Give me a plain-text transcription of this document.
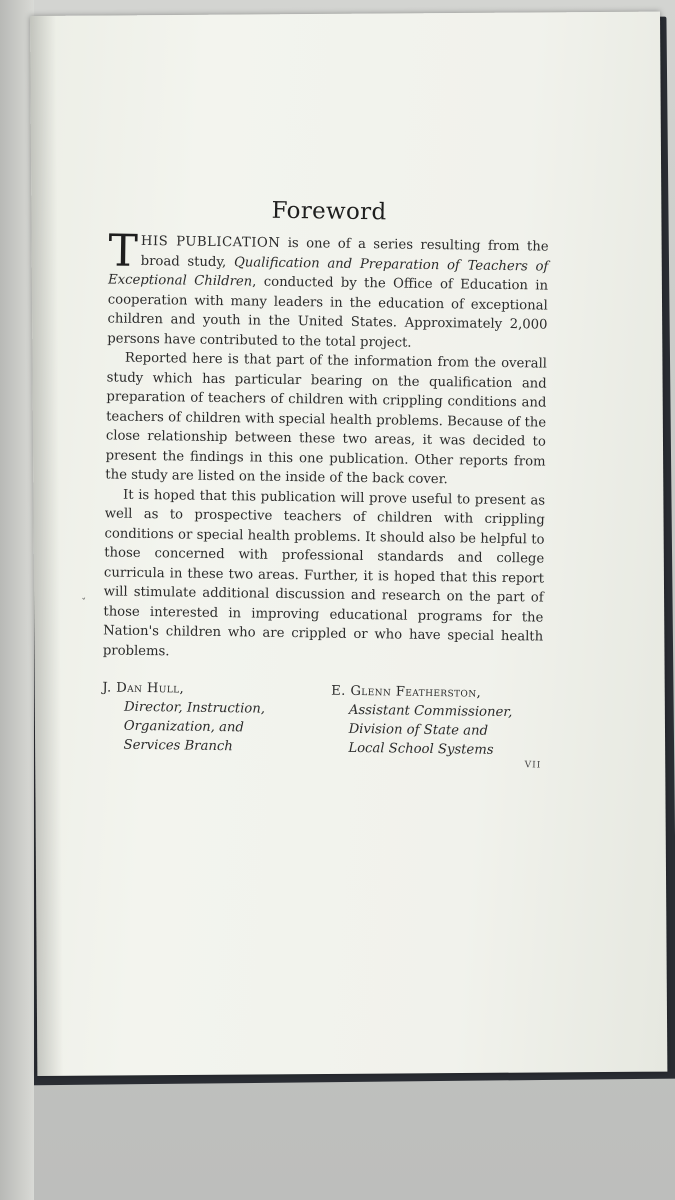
ˇ
Foreword

THIS PUBLICATION is one of a series resulting from the broad study, Qualification and Preparation of Teachers of Exceptional Children, conducted by the Office of Education in cooperation with many leaders in the education of exceptional children and youth in the United States. Approximately 2,000 persons have contributed to the total project.

Reported here is that part of the information from the overall study which has particular bearing on the qualification and preparation of teachers of children with crippling conditions and teachers of children with special health problems. Because of the close relationship between these two areas, it was decided to present the findings in this one publication. Other reports from the study are listed on the inside of the back cover.

It is hoped that this publication will prove useful to present as well as to prospective teachers of children with crippling conditions or special health problems. It should also be helpful to those concerned with professional standards and college curricula in these two areas. Further, it is hoped that this report will stimulate additional discussion and research on the part of those interested in improving educational programs for the Nation's children who are crippled or who have special health problems.

J. Dan Hull,
Director, Instruction,
Organization, and
Services Branch
E. Glenn Featherston,
Assistant Commissioner,
Division of State and
Local School Systems
VII
